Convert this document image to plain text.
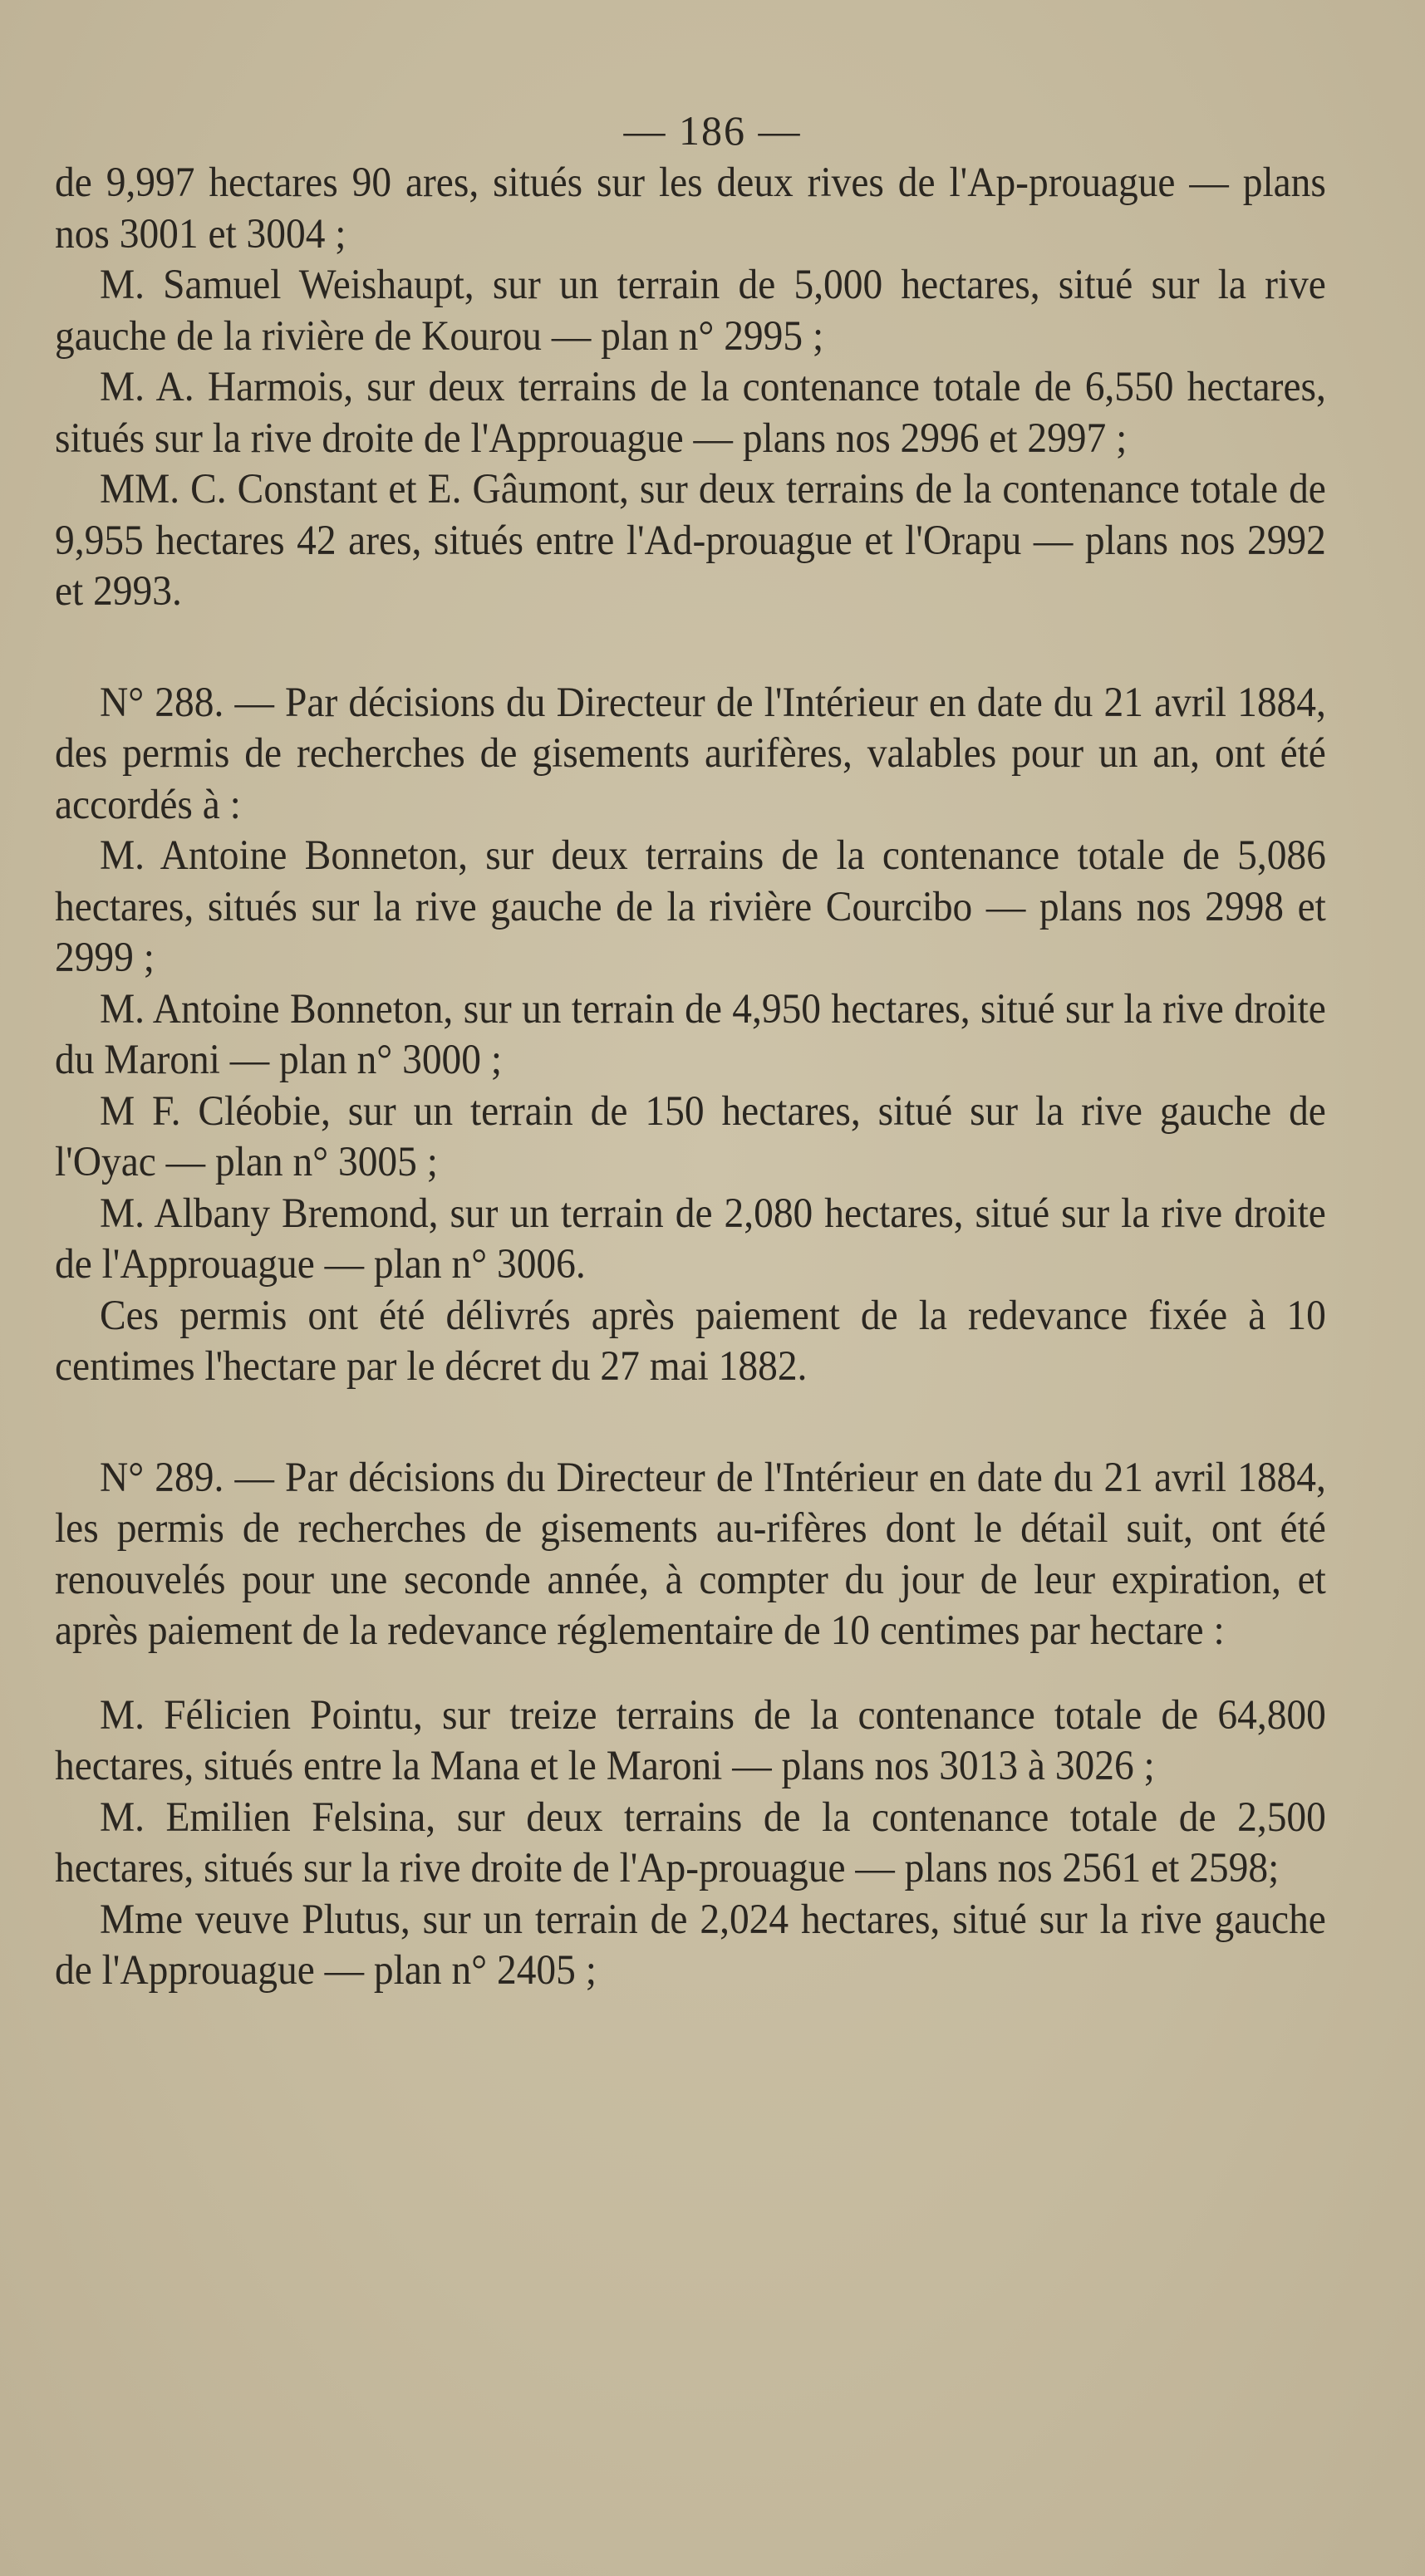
— 186 —

de 9,997 hectares 90 ares, situés sur les deux rives de l'Ap-prouague — plans nos 3001 et 3004 ;

M. Samuel Weishaupt, sur un terrain de 5,000 hectares, situé sur la rive gauche de la rivière de Kourou — plan n° 2995 ;

M. A. Harmois, sur deux terrains de la contenance totale de 6,550 hectares, situés sur la rive droite de l'Approuague — plans nos 2996 et 2997 ;

MM. C. Constant et E. Gâumont, sur deux terrains de la contenance totale de 9,955 hectares 42 ares, situés entre l'Ad-prouague et l'Orapu — plans nos 2992 et 2993.

N° 288. — Par décisions du Directeur de l'Intérieur en date du 21 avril 1884, des permis de recherches de gisements aurifères, valables pour un an, ont été accordés à :

M. Antoine Bonneton, sur deux terrains de la contenance totale de 5,086 hectares, situés sur la rive gauche de la rivière Courcibo — plans nos 2998 et 2999 ;

M. Antoine Bonneton, sur un terrain de 4,950 hectares, situé sur la rive droite du Maroni — plan n° 3000 ;

M F. Cléobie, sur un terrain de 150 hectares, situé sur la rive gauche de l'Oyac — plan n° 3005 ;

M. Albany Bremond, sur un terrain de 2,080 hectares, situé sur la rive droite de l'Approuague — plan n° 3006.

Ces permis ont été délivrés après paiement de la redevance fixée à 10 centimes l'hectare par le décret du 27 mai 1882.

N° 289. — Par décisions du Directeur de l'Intérieur en date du 21 avril 1884, les permis de recherches de gisements au-rifères dont le détail suit, ont été renouvelés pour une seconde année, à compter du jour de leur expiration, et après paiement de la redevance réglementaire de 10 centimes par hectare :

M. Félicien Pointu, sur treize terrains de la contenance totale de 64,800 hectares, situés entre la Mana et le Maroni — plans nos 3013 à 3026 ;

M. Emilien Felsina, sur deux terrains de la contenance totale de 2,500 hectares, situés sur la rive droite de l'Ap-prouague — plans nos 2561 et 2598;

Mme veuve Plutus, sur un terrain de 2,024 hectares, situé sur la rive gauche de l'Approuague — plan n° 2405 ;
